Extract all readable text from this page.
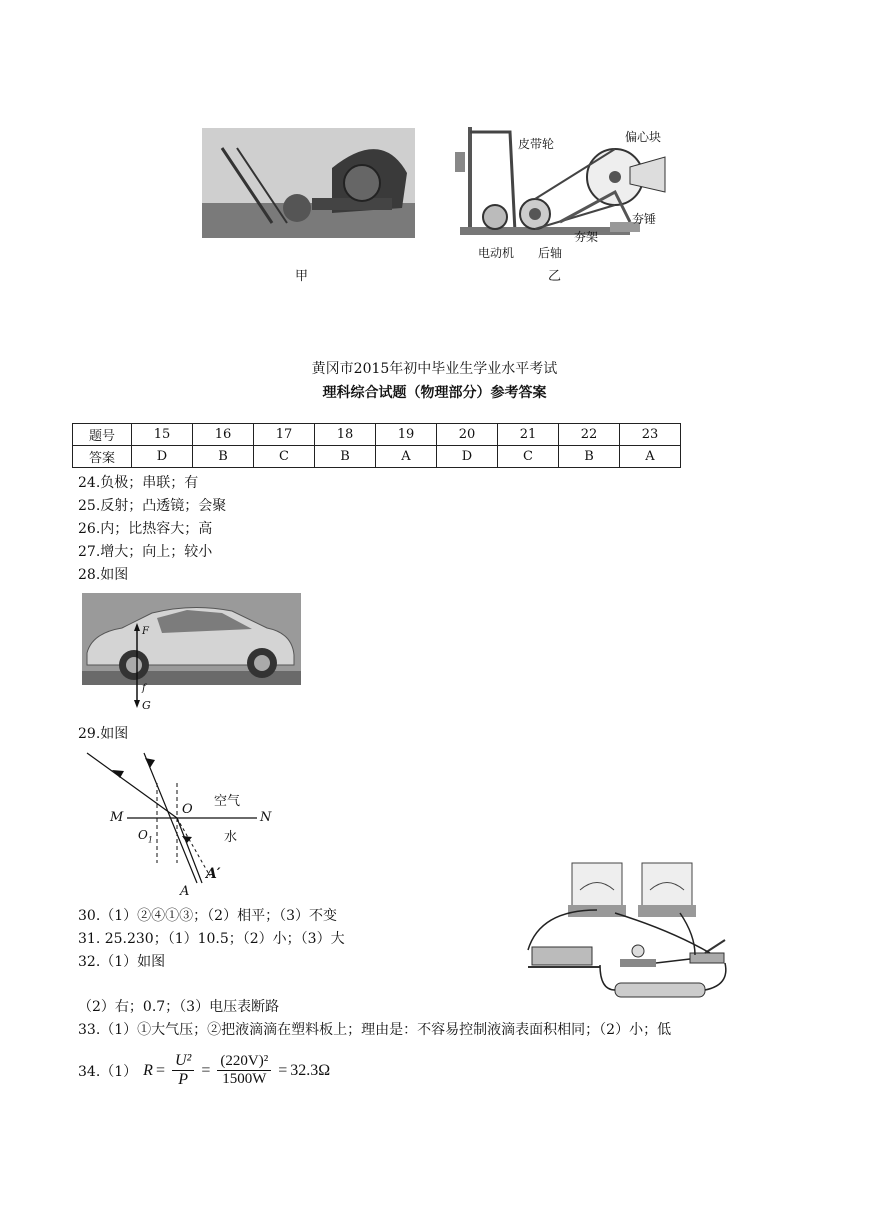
甲
皮带轮	偏心块
电动机 后轴
夯架
夯锤
乙
黄冈市2015年初中毕业生学业水平考试
理科综合试题（物理部分）参考答案
题号	15	16	17	18	19	20	21	22	23
答案	D	B	C	B	A	D	C	B	A
24.负极；串联；有
25.反射；凸透镜；会聚
26.内；比热容大；高
27.增大；向上；较小
28.如图
F
f
G
29.如图
空气
水
M	N
O
$O_1$
A
A′
30.（1）②④①③；（2）相平；（3）不变
31. 25.230；（1）10.5；（2）小；（3）大
32.（1）如图
（2）右；0.7；（3）电压表断路
33.（1）①大气压；②把液滴滴在塑料板上；理由是：不容易控制液滴表面积相同；（2）小；低
34.（1） $R = \frac{\text{U²}}{P} = \frac{\text{(220V)²}}{1500W} = 32.3\Omega$
